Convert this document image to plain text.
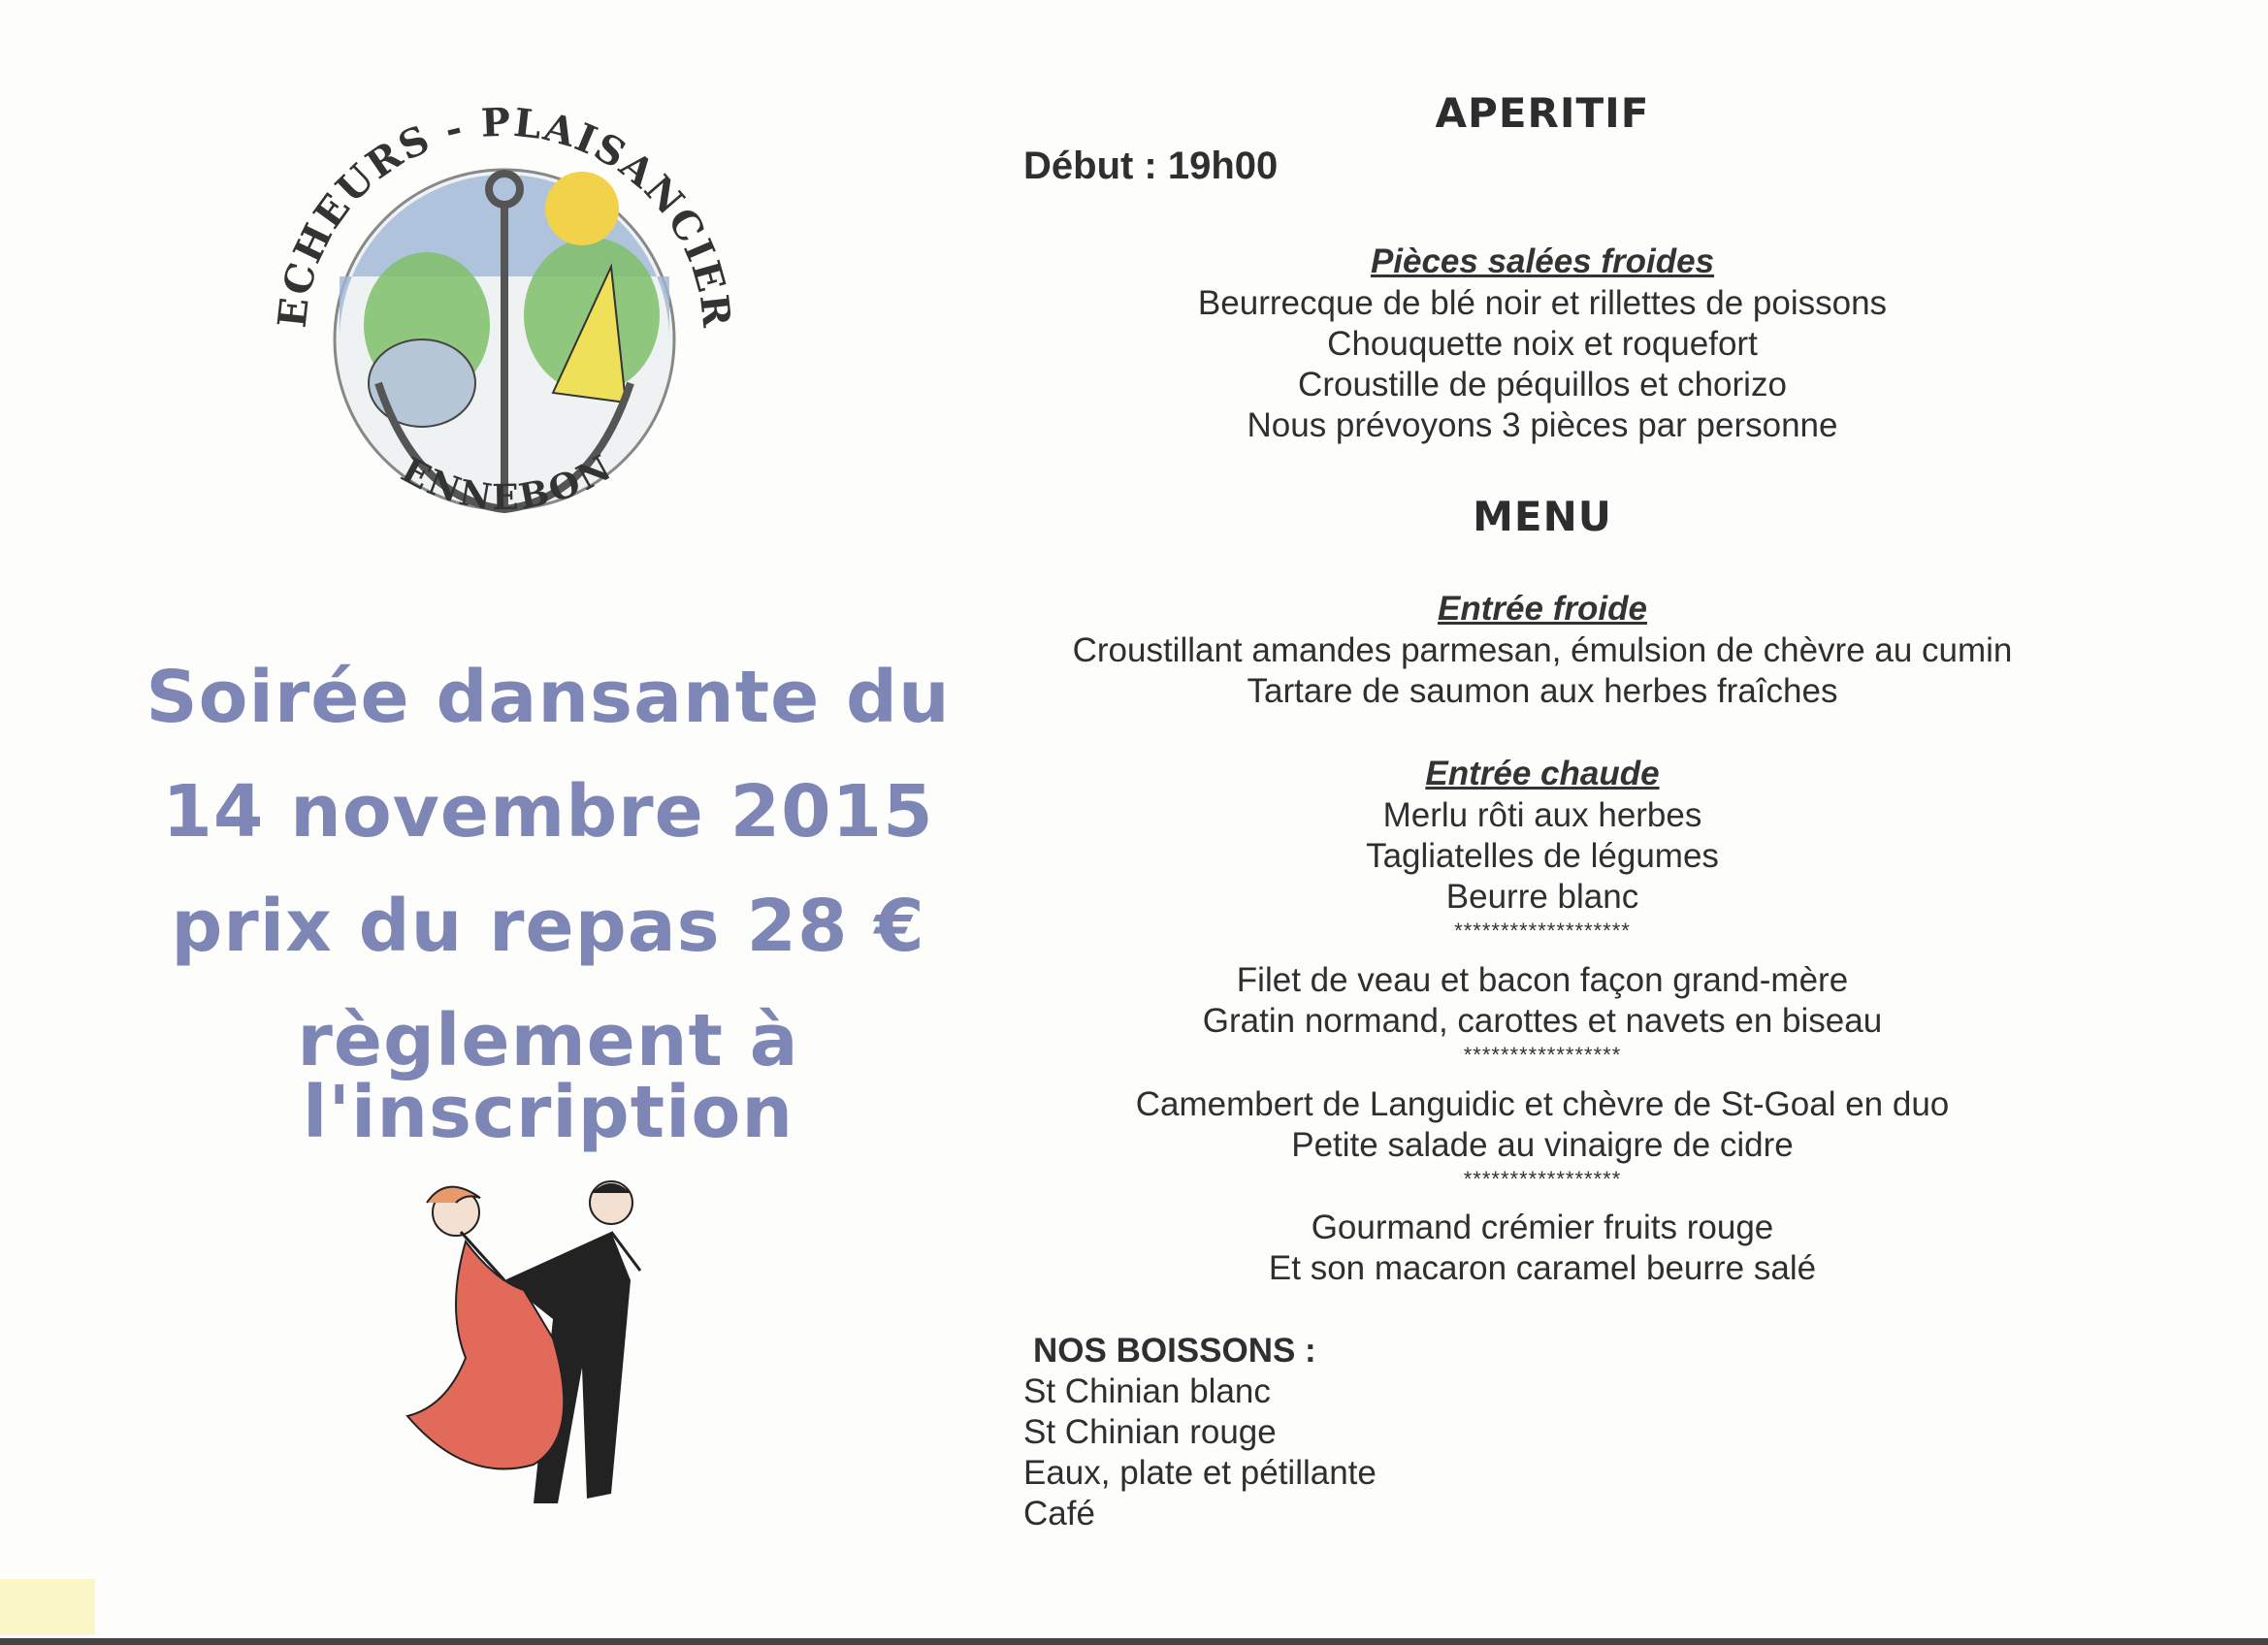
ECHEURS - PLAISANCIER
ENNEBON
Soirée dansante du
14 novembre 2015
prix du repas 28 €
règlement à l'inscription
APERITIF
Début : 19h00
Pièces salées froides
Beurrecque de blé noir et rillettes de poissons
Chouquette noix et roquefort
Croustille de péquillos et chorizo
Nous prévoyons 3 pièces par personne
MENU
Entrée froide
Croustillant amandes parmesan, émulsion de chèvre au cumin
Tartare de saumon aux herbes fraîches
Entrée chaude
Merlu rôti aux herbes
Tagliatelles de légumes
Beurre blanc
*******************
Filet de veau et bacon façon grand-mère
Gratin normand, carottes et navets en biseau
*****************
Camembert de Languidic et chèvre de St-Goal en duo
Petite salade au vinaigre de cidre
*****************
Gourmand crémier fruits rouge
Et son macaron caramel beurre salé
NOS BOISSONS :
St Chinian blanc
St Chinian rouge
Eaux, plate et pétillante
Café
